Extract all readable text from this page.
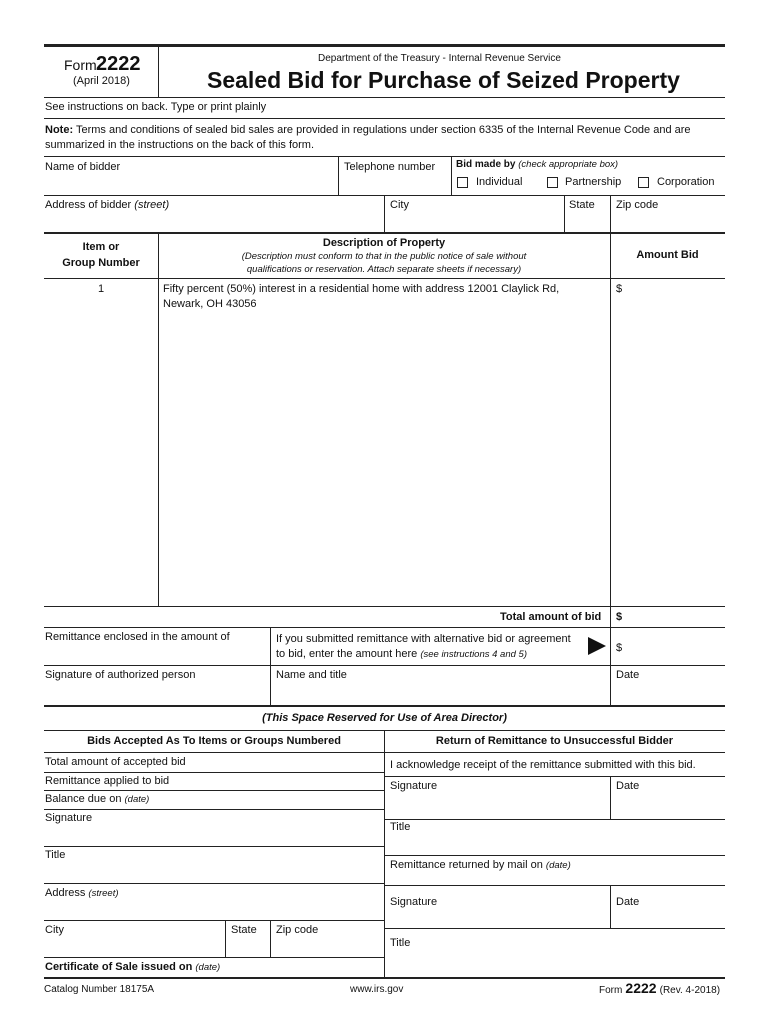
Form 2222
(April 2018)
Department of the Treasury - Internal Revenue Service
Sealed Bid for Purchase of Seized Property
See instructions on back. Type or print plainly
Note: Terms and conditions of sealed bid sales are provided in regulations under section 6335 of the Internal Revenue Code and are
summarized in the instructions on the back of this form.
Name of bidder	Telephone number Bid made by (check appropriate box)
Individual	Partnership	Corporation
Address of bidder (street)	City	State Zip code
Item or
Group Number
Description of Property
(Description must conform to that in the public notice of sale without
qualifications or reservation. Attach separate sheets if necessary)
Amount Bid
1	Fifty percent (50%) interest in a residential home with address 12001 Claylick Rd,
Newark, OH 43056
$
Total amount of bid $
Remittance enclosed in the amount of	If you submitted remittance with alternative bid or agreement
to bid, enter the amount here (see instructions 4 and 5)
$
Signature of authorized person	Name and title	Date
(This Space Reserved for Use of Area Director)
Bids Accepted As To Items or Groups Numbered	Return of Remittance to Unsuccessful Bidder
Total amount of accepted bid
Remittance applied to bid
Balance due on (date)
Signature
Title
Address (street)
City	State Zip code
Certificate of Sale issued on (date)
I acknowledge receipt of the remittance submitted with this bid.
Signature	Date
Title
Remittance returned by mail on (date)
Signature	Date
Title
Catalog Number 18175A	www.irs.gov	Form 2222 (Rev. 4-2018)
